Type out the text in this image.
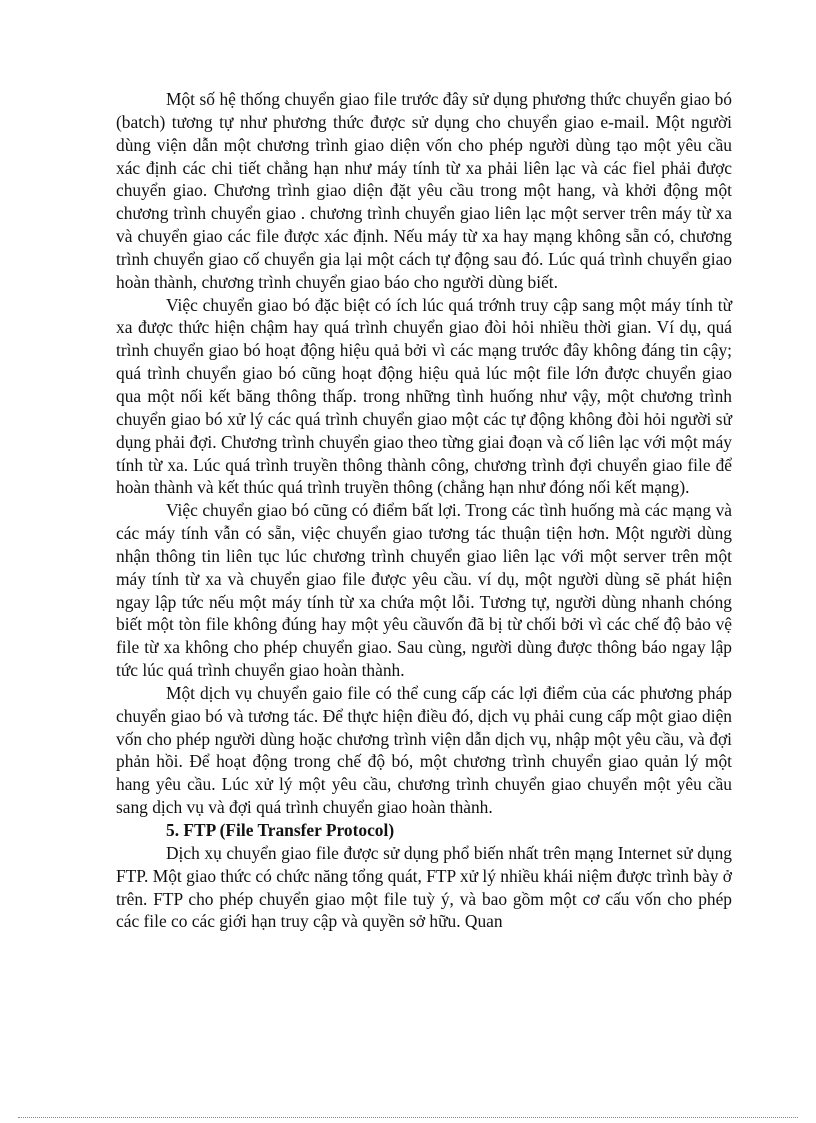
Một số hệ thống chuyển giao file trước đây sử dụng phương thức chuyển giao bó (batch) tương tự như phương thức được sử dụng cho chuyển giao e-mail. Một người dùng viện dẫn một chương trình giao diện vốn cho phép người dùng tạo một yêu cầu xác định các chi tiết chẳng hạn như máy tính từ xa phải liên lạc và các fiel phải được chuyển giao. Chương trình giao diện đặt yêu cầu trong một hang, và khởi động một chương trình chuyển giao . chương trình chuyển giao liên lạc một server trên máy từ xa và chuyển giao các file được xác định. Nếu máy từ xa hay mạng không sẵn có, chương trình chuyển giao cố chuyển gia lại một cách tự động sau đó. Lúc quá trình chuyển giao hoàn thành, chương trình chuyển giao báo cho người dùng biết.

Việc chuyển giao bó đặc biệt có ích lúc quá trớnh truy cập sang một máy tính từ xa được thức hiện chậm hay quá trình chuyển giao đòi hỏi nhiều thời gian. Ví dụ, quá trình chuyển giao bó hoạt động hiệu quả bởi vì các mạng trước đây không đáng tin cậy; quá trình chuyển giao bó cũng hoạt động hiệu quả lúc một file lớn được chuyển giao qua một nối kết băng thông thấp. trong những tình huống như vậy, một chương trình chuyển giao bó xử lý các quá trình chuyển giao một các tự động không đòi hỏi người sử dụng phải đợi. Chương trình chuyển giao theo từng giai đoạn và cố liên lạc với một máy tính từ xa. Lúc quá trình truyền thông thành công, chương trình đợi chuyển giao file để hoàn thành và kết thúc quá trình truyền thông (chẳng hạn như đóng nối kết mạng).

Việc chuyển giao bó cũng có điểm bất lợi. Trong các tình huống mà các mạng và các máy tính vẫn có sẵn, việc chuyển giao tương tác thuận tiện hơn. Một người dùng nhận thông tin liên tục lúc chương trình chuyển giao liên lạc với một server trên một máy tính từ xa và chuyển giao file được yêu cầu. ví dụ, một người dùng sẽ phát hiện ngay lập tức nếu một máy tính từ xa chứa một lỗi. Tương tự, người dùng nhanh chóng biết một tòn file không đúng hay một yêu cầuvốn đã bị từ chối bởi vì các chế độ bảo vệ file từ xa không cho phép chuyển giao. Sau cùng, người dùng được thông báo ngay lập tức lúc quá trình chuyển giao hoàn thành.

Một dịch vụ chuyển gaio file có thể cung cấp các lợi điểm của các phương pháp chuyển giao bó và tương tác. Để thực hiện điều đó, dịch vụ phải cung cấp một giao diện vốn cho phép người dùng hoặc chương trình viện dẫn dịch vụ, nhập một yêu cầu, và đợi phản hồi. Để hoạt động trong chế độ bó, một chương trình chuyển giao quản lý một hang yêu cầu. Lúc xử lý một yêu cầu, chương trình chuyển giao chuyển một yêu cầu sang dịch vụ và đợi quá trình chuyển giao hoàn thành.

5. FTP (File Transfer Protocol)

Dịch xụ chuyển giao file được sử dụng phổ biến nhất trên mạng Internet sử dụng FTP. Một giao thức có chức năng tổng quát, FTP xử lý nhiều khái niệm được trình bày ở trên. FTP cho phép chuyển giao một file tuỳ ý, và bao gồm một cơ cấu vốn cho phép các file co các giới hạn truy cập và quyền sở hữu. Quan
